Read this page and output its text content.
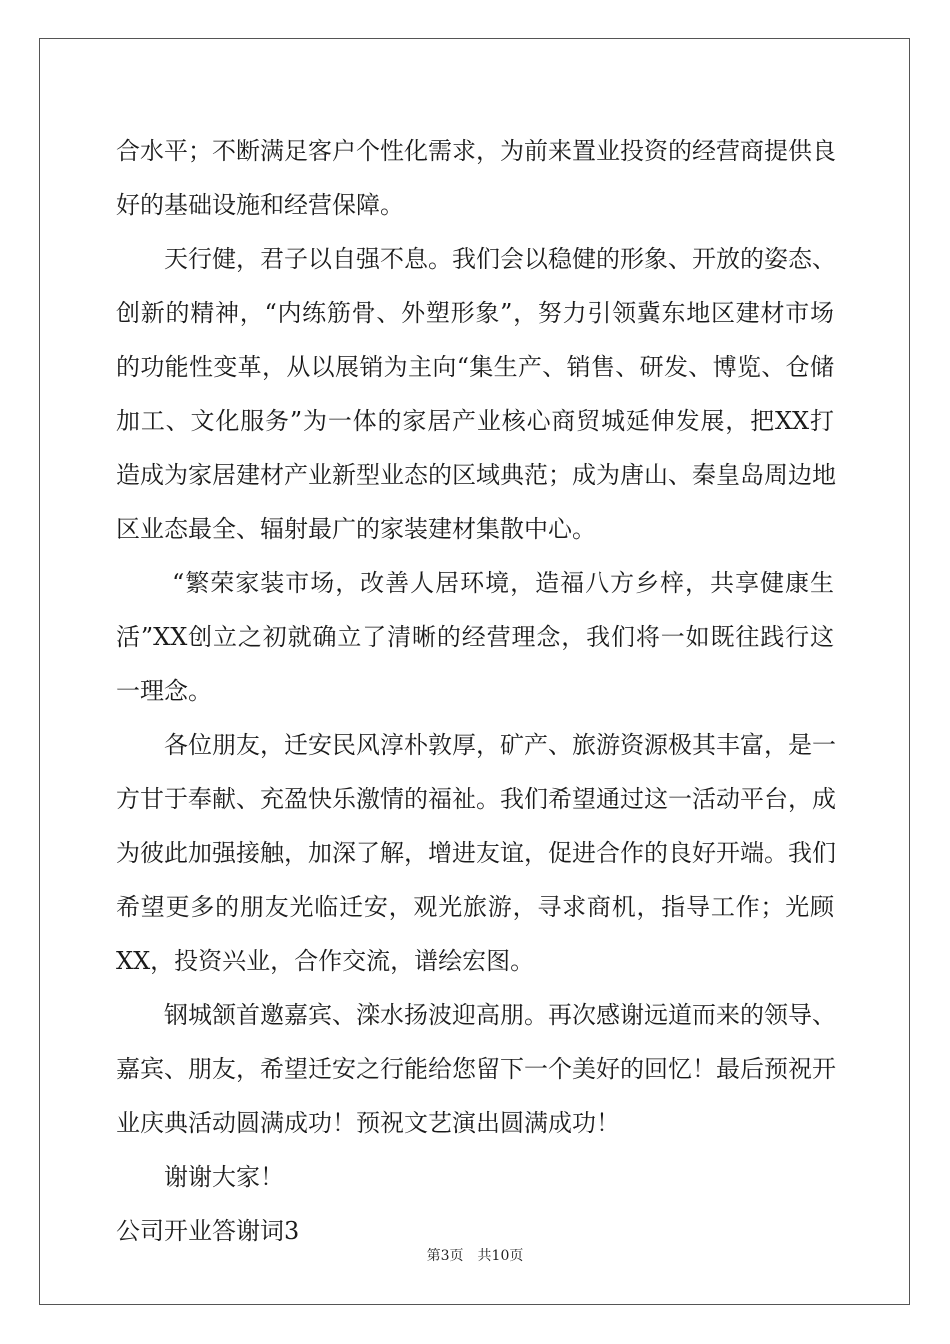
合水平；不断满足客户个性化需求，为前来置业投资的经营商提供良
好的基础设施和经营保障。
天行健，君子以自强不息。我们会以稳健的形象、开放的姿态、
创新的精神，“内练筋骨、外塑形象”，努力引领冀东地区建材市场
的功能性变革，从以展销为主向“集生产、销售、研发、博览、仓储
加工、文化服务”为一体的家居产业核心商贸城延伸发展，把XX打
造成为家居建材产业新型业态的区域典范；成为唐山、秦皇岛周边地
区业态最全、辐射最广的家装建材集散中心。
“繁荣家装市场，改善人居环境，造福八方乡梓，共享健康生
活”XX创立之初就确立了清晰的经营理念，我们将一如既往践行这
一理念。
各位朋友，迁安民风淳朴敦厚，矿产、旅游资源极其丰富，是一
方甘于奉献、充盈快乐激情的福祉。我们希望通过这一活动平台，成
为彼此加强接触，加深了解，增进友谊，促进合作的良好开端。我们
希望更多的朋友光临迁安，观光旅游，寻求商机，指导工作；光顾
XX，投资兴业，合作交流，谱绘宏图。
钢城颔首邀嘉宾、滦水扬波迎高朋。再次感谢远道而来的领导、
嘉宾、朋友，希望迁安之行能给您留下一个美好的回忆！最后预祝开
业庆典活动圆满成功！预祝文艺演出圆满成功！
谢谢大家！
公司开业答谢词3
第3页 共10页
